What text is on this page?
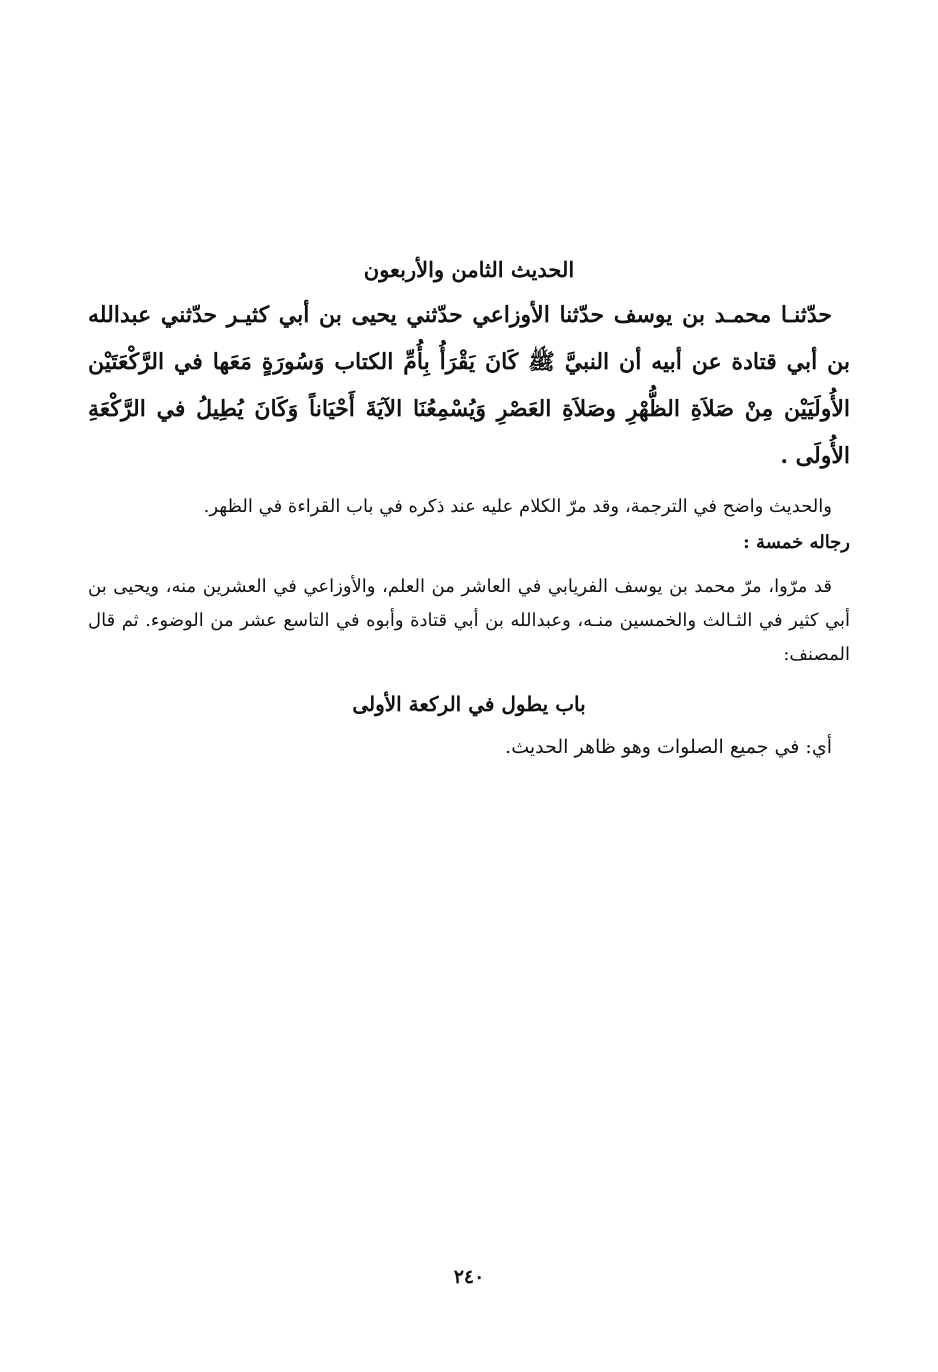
الحديث الثامن والأربعون

حدّثنـا محمـد بن يوسف حدّثنا الأوزاعي حدّثني يحيى بن أبي كثيـر حدّثني عبدالله بن أبي قتادة عن أبيه أن النبيَّ ﷺ كَانَ يَقْرَأُ بِأُمِّ الكتاب وَسُورَةٍ مَعَها في الرَّكْعَتَيْن الأُولَيَيْن مِنْ صَلاَةِ الظُّهْرِ وصَلاَةِ العَصْرِ وَيُسْمِعُنَا الآيَةَ أَحْيَاناً وَكَانَ يُطِيلُ في الرَّكْعَةِ الأُولَى .

والحديث واضح في الترجمة، وقد مرّ الكلام عليه عند ذكره في باب القراءة في الظهر.

رجاله خمسة :

قد مرّوا، مرّ محمد بن يوسف الفريابي في العاشر من العلم، والأوزاعي في العشرين منه، ويحيى بن أبي كثير في الثـالث والخمسين منـه، وعبدالله بن أبي قتادة وأبوه في التاسع عشر من الوضوء. ثم قال المصنف:

باب يطول في الركعة الأولى

أي: في جميع الصلوات وهو ظاهر الحديث.

٢٤٠
